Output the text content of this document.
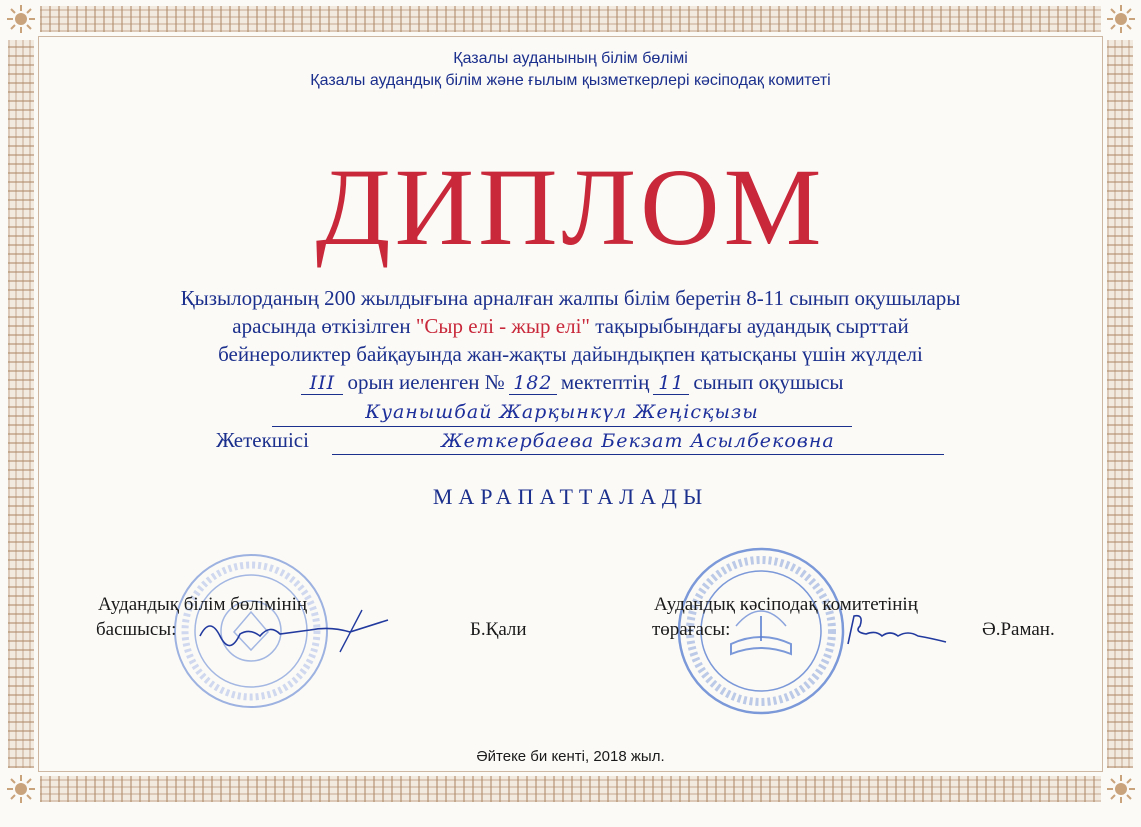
Қазалы ауданының білім бөлімі
Қазалы аудандық білім және ғылым қызметкерлері кәсіподақ комитеті
ДИПЛОМ
Қызылорданың 200 жылдығына арналған жалпы білім беретін 8-11 сынып оқушылары
арасында өткізілген "Сыр елі - жыр елі" тақырыбындағы аудандық сырттай
бейнероликтер байқауында жан-жақты дайындықпен қатысқаны үшін жүлделі
III орын иеленген № 182 мектептің 11 сынып оқушысы
Куанышбай Жарқынкүл Жеңісқызы
Жетекшісі	Жеткербаева Бекзат Асылбековна
МАРАПАТТАЛАДЫ
Аудандық білім бөлімінің
басшысы:	Б.Қали
Аудандық кәсіподақ комитетінің
төрағасы:	Ә.Раман.
Әйтеке би кенті, 2018 жыл.
